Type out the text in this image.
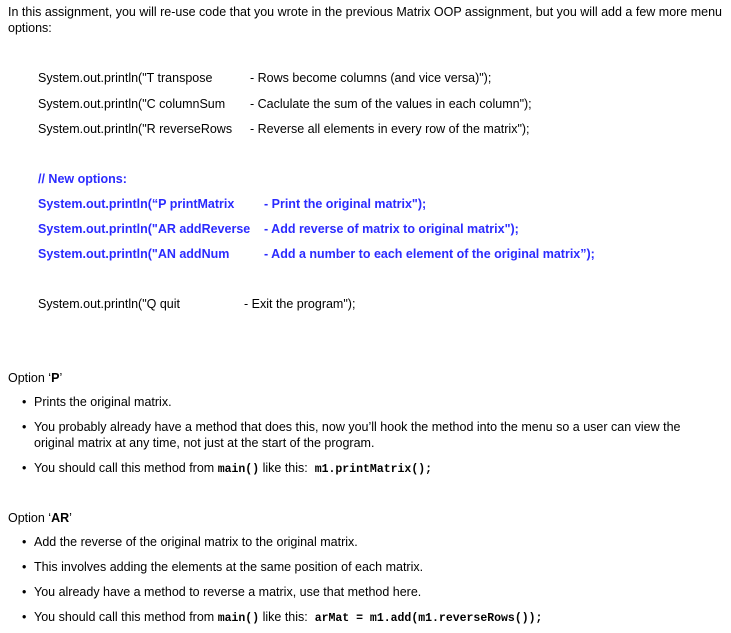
In this assignment, you will re-use code that you wrote in the previous Matrix OOP assignment, but you will add a few more menu options:
System.out.println("T transpose	- Rows become columns (and vice versa)");
System.out.println("C columnSum - Caclulate the sum of the values in each column");
System.out.println("R reverseRows - Reverse all elements in every row of the matrix");
// New options:
System.out.println(“P printMatrix - Print the original matrix");
System.out.println("AR addReverse - Add reverse of matrix to original matrix");
System.out.println("AN addNum	- Add a number to each element of the original matrix”);
System.out.println("Q quit	- Exit the program");
Option ‘P’
• Prints the original matrix.
• You probably already have a method that does this, now you’ll hook the method into the menu so a user can view the original matrix at any time, not just at the start of the program.
• You should call this method from main() like this: m1.printMatrix();
Option ‘AR’
• Add the reverse of the original matrix to the original matrix.
• This involves adding the elements at the same position of each matrix.
• You already have a method to reverse a matrix, use that method here.
• You should call this method from main() like this: arMat = m1.add(m1.reverseRows());
